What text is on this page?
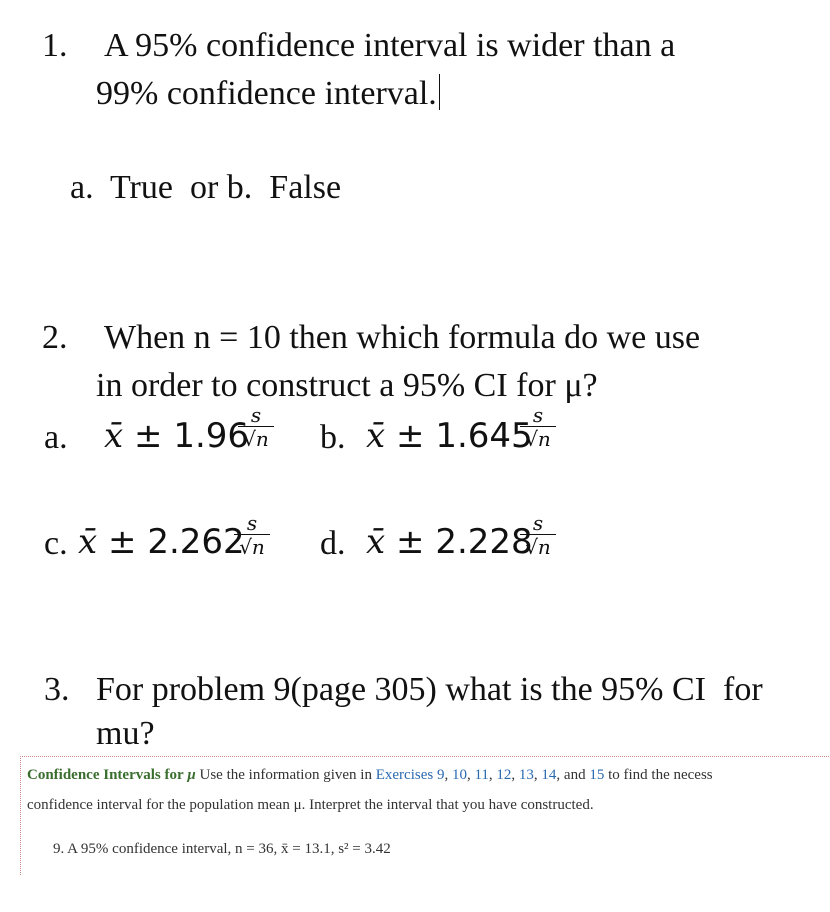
1. A 95% confidence interval is wider than a
99% confidence interval.
a.  True  or b.  False
2. When n = 10 then which formula do we use
in order to construct a 95% CI for μ?
a. x̄ ± 1.96
s
√n b. x̄ ± 1.645
s
√n
c. x̄ ± 2.262 s
√n d. x̄ ± 2.228 s
√n
3. For problem 9(page 305) what is the 95% CI  for
mu?
Confidence Intervals for μ Use the information given in Exercises 9, 10, 11, 12, 13, 14, and 15 to find the necess
confidence interval for the population mean μ. Interpret the interval that you have constructed.
9. A 95% confidence interval, n = 36, x̄ = 13.1, s² = 3.42
